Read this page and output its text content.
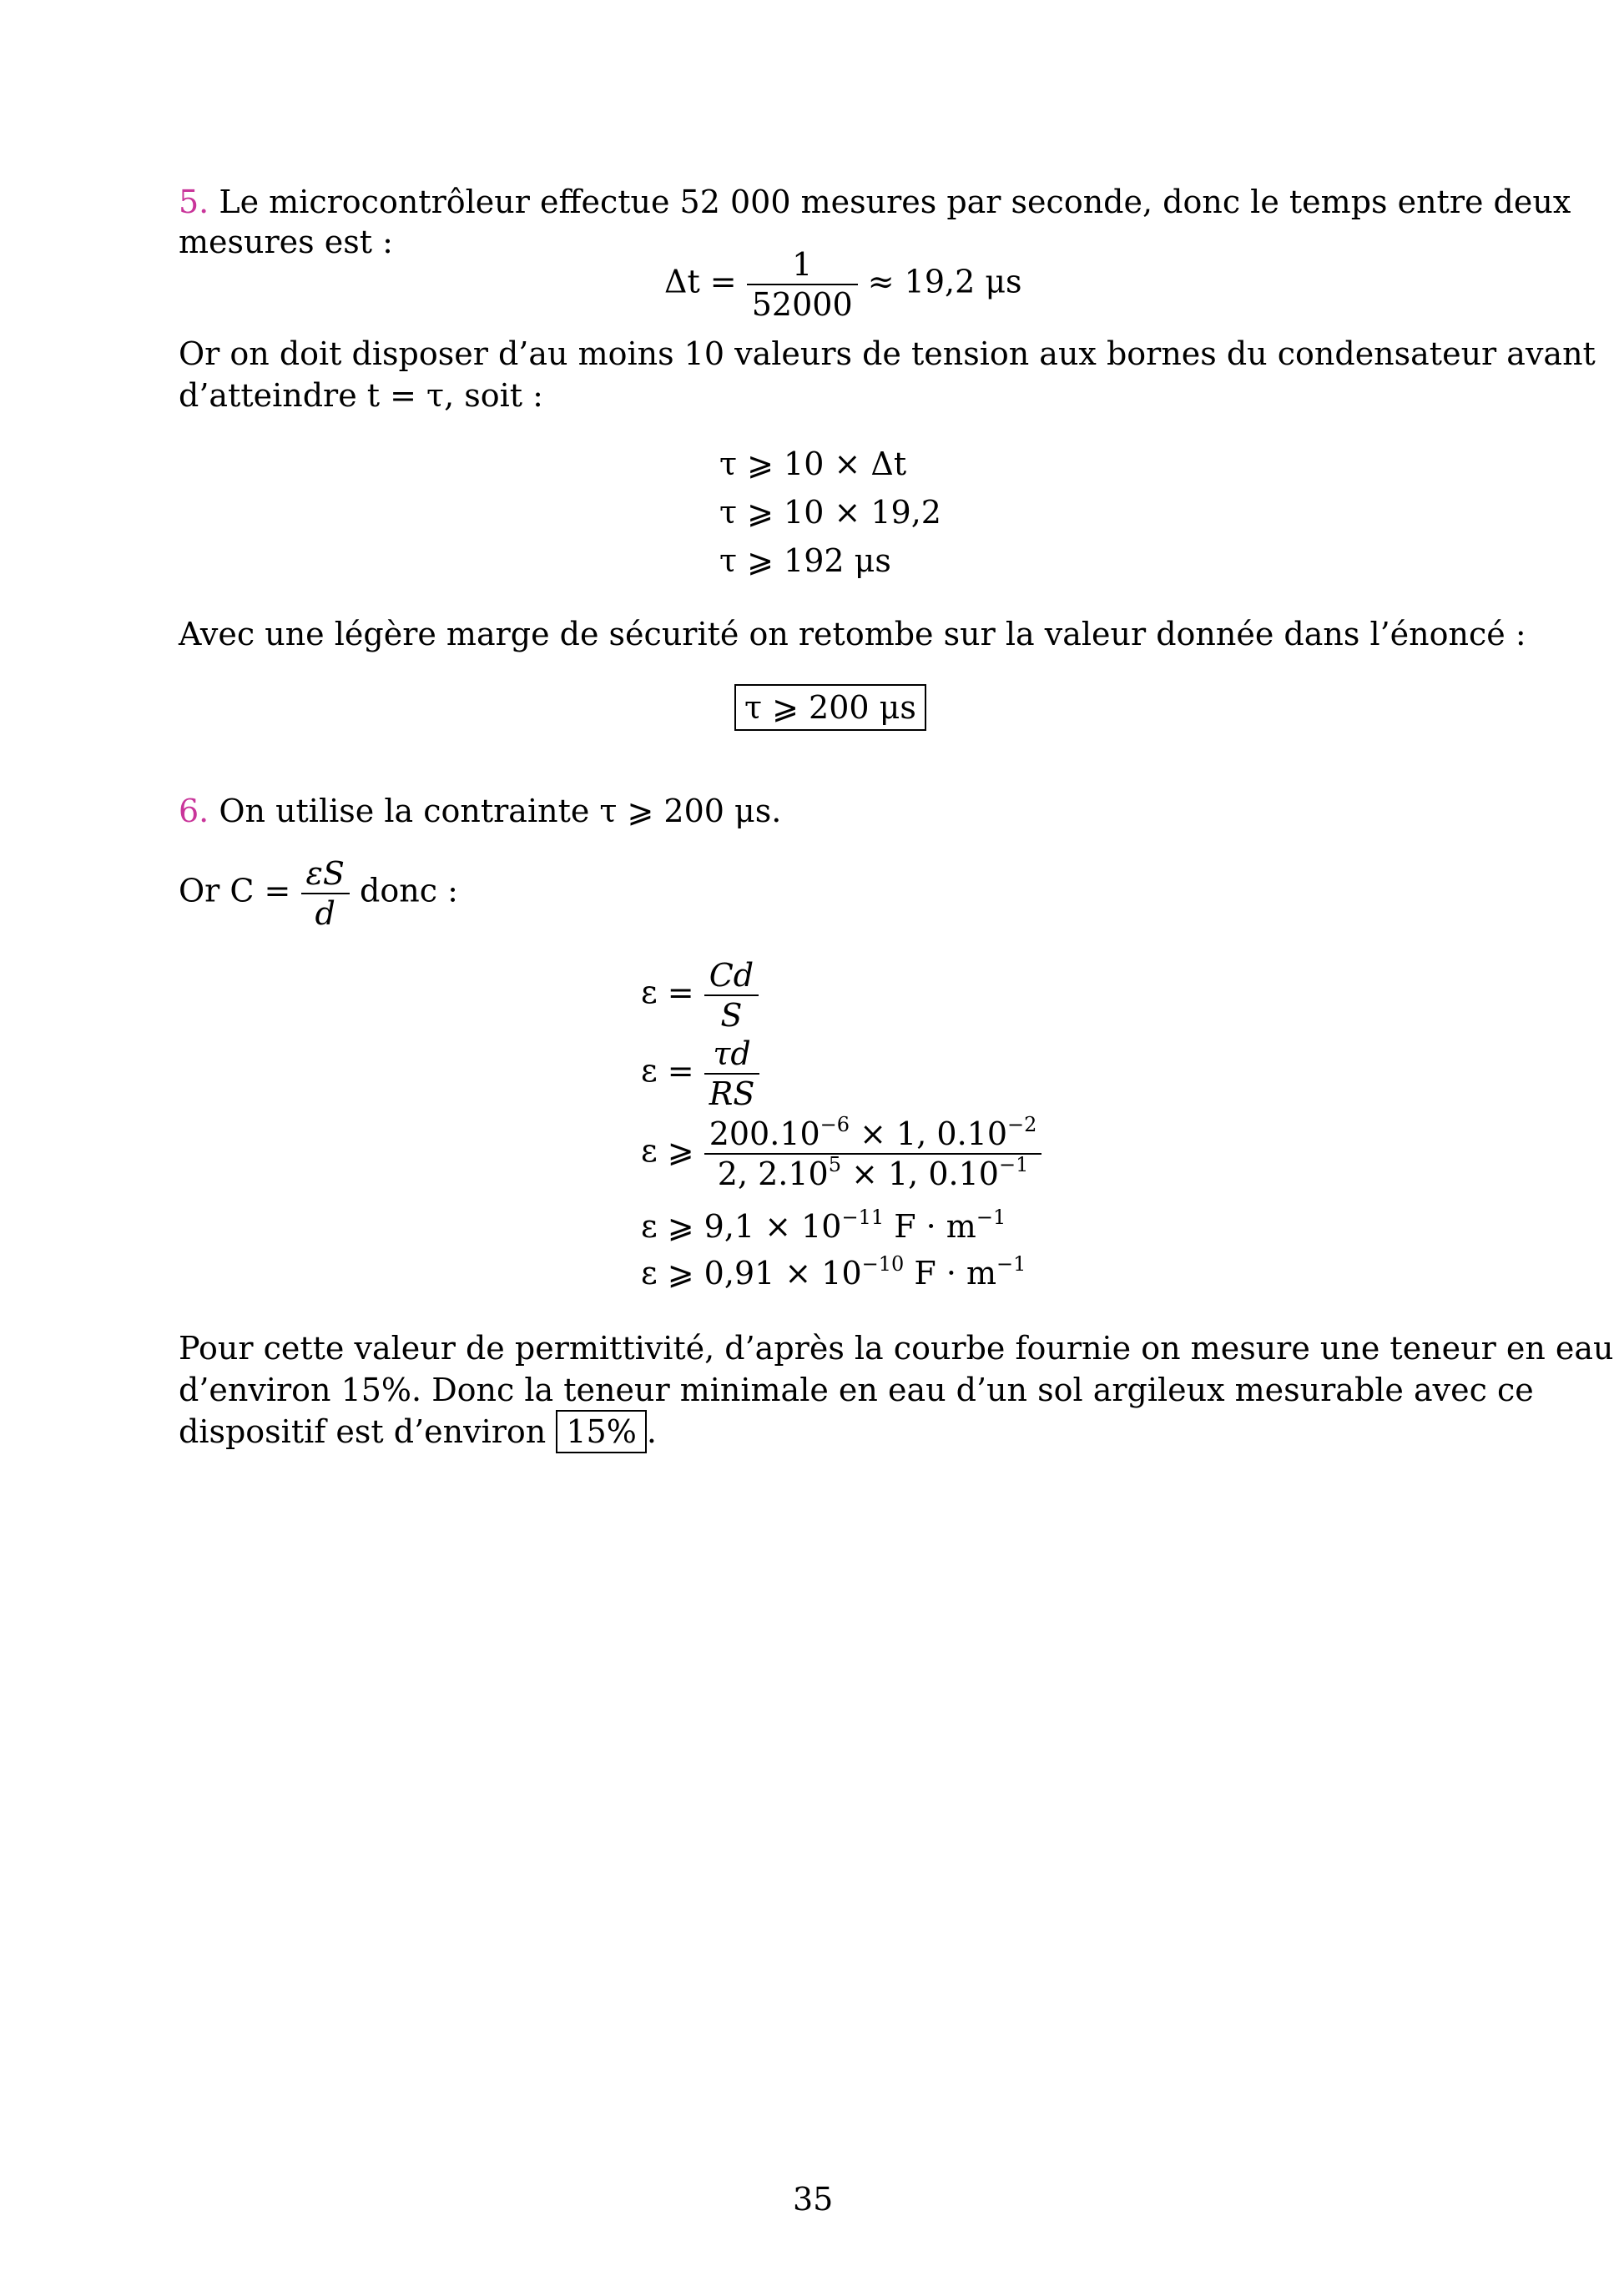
5. Le microcontrôleur effectue 52 000 mesures par seconde, donc le temps entre deux
mesures est :
$\Delta t = \frac{1}{52000} \approx 19,2$ μs
Or on doit disposer d’au moins 10 valeurs de tension aux bornes du condensateur avant
d’atteindre t = τ, soit :
τ ⩾ 10 × Δt
τ ⩾ 10 × 19,2
τ ⩾ 192 μs
Avec une légère marge de sécurité on retombe sur la valeur donnée dans l’énoncé :
τ ⩾ 200 μs
6. On utilise la contrainte τ ⩾ 200 μs.
Or $C = \frac{\varepsilon S}{d}$ donc :
$\varepsilon = \frac{Cd}{S}$
$\varepsilon = \frac{\tau d}{RS}$
ε ⩾ $\frac{200.10^{-6} \times 1, 0.10^{-2}}{2, 2.10^5 \times 1, 0.10^{-1}}$
ε ⩾ $9,1 \times 10^{-11}$ $F \cdot m^{-1}$
ε ⩾ $0,91 \times 10^{-10}$ $F \cdot m^{-1}$
Pour cette valeur de permittivité, d’après la courbe fournie on mesure une teneur en eau
d’environ 15%. Donc la teneur minimale en eau d’un sol argileux mesurable avec ce
dispositif est d’environ 15% .
35
